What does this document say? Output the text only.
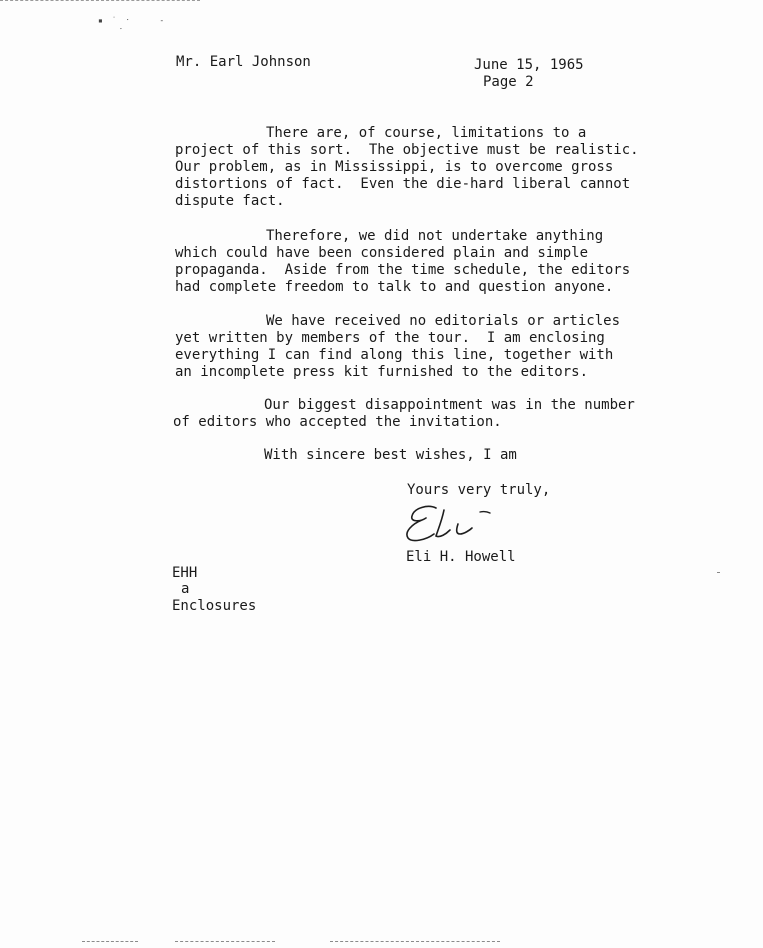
▪ ˙ ˑ    -
ˑ
Mr. Earl Johnson	June 15, 1965
Page 2

There are, of course, limitations to a
project of this sort.  The objective must be realistic.
Our problem, as in Mississippi, is to overcome gross
distortions of fact.  Even the die-hard liberal cannot
dispute fact.

Therefore, we did not undertake anything
which could have been considered plain and simple
propaganda.  Aside from the time schedule, the editors
had complete freedom to talk to and question anyone.

We have received no editorials or articles
yet written by members of the tour.  I am enclosing
everything I can find along this line, together with
an incomplete press kit furnished to the editors.

Our biggest disappointment was in the number
of editors who accepted the invitation.

With sincere best wishes, I am
Yours very truly,
Eli H. Howell
EHH
a
Enclosures
